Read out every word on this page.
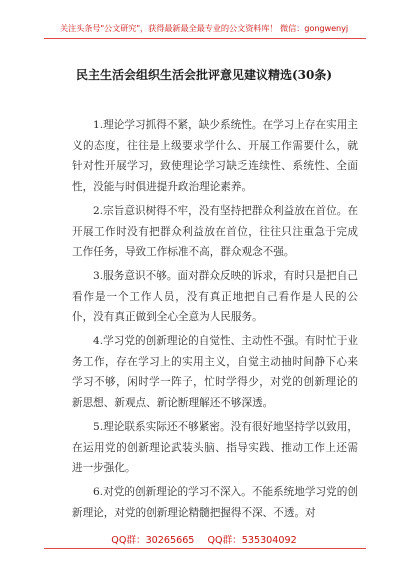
关注头条号"公文研究"，获得最新最全最专业的公文资料库！ 微信：gongwenyj
民主生活会组织生活会批评意见建议精选(30条)

1.理论学习抓得不紧，缺少系统性。在学习上存在实用主义的态度，往往是上级要求学什么、开展工作需要什么，就针对性开展学习，致使理论学习缺乏连续性、系统性、全面性，没能与时俱进提升政治理论素养。

2.宗旨意识树得不牢，没有坚持把群众利益放在首位。在开展工作时没有把群众利益放在首位，往往只注重急于完成工作任务，导致工作标准不高，群众观念不强。

3.服务意识不够。面对群众反映的诉求，有时只是把自己看作是一个工作人员，没有真正地把自己看作是人民的公仆，没有真正做到全心全意为人民服务。

4.学习党的创新理论的自觉性、主动性不强。有时忙于业务工作，存在学习上的实用主义，自觉主动抽时间静下心来学习不够，闲时学一阵子，忙时学得少，对党的创新理论的新思想、新观点、新论断理解还不够深透。

5.理论联系实际还不够紧密。没有很好地坚持学以致用，在运用党的创新理论武装头脑、指导实践、推动工作上还需进一步强化。

6.对党的创新理论的学习不深入。不能系统地学习党的创新理论，对党的创新理论精髓把握得不深、不透。对

QQ群：30265665 QQ群：535304092
